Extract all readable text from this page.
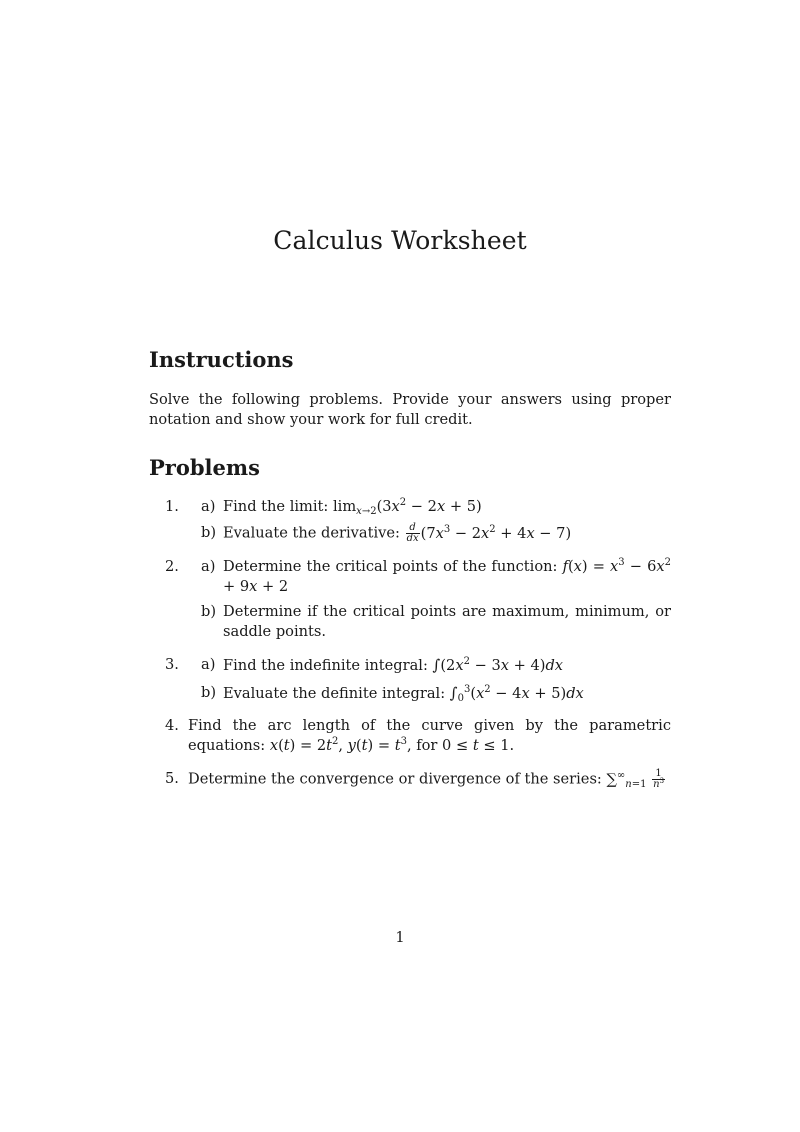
Calculus Worksheet
Instructions

Solve the following problems. Provide your answers using proper notation and show your work for full credit.

Problems
1. a) Find the limit: $\lim_{x\to 2}(3x^2 - 2x + 5)$
b) Evaluate the derivative: $\frac{d}{dx} (7x^3 - 2x^2 + 4x - 7)$
2. a) Determine the critical points of the function: $f(x) = x^3 - 6x^2 + 9x + 2$
b) Determine if the critical points are maximum, minimum, or saddle points.
3. a) Find the indefinite integral: $\int(2x^2 - 3x + 4)dx$
b) Evaluate the definite integral: $\int_0^3(x^2 - 4x + 5)dx$
4. Find the arc length of the curve given by the parametric equations: $x(t) = 2t^2$, $y(t) = t^3$, for 0 ≤ t ≤ 1.
5. Determine the convergence or divergence of the series: $\sum^\infty_{n=1} \frac{1}{n^3}$
1
